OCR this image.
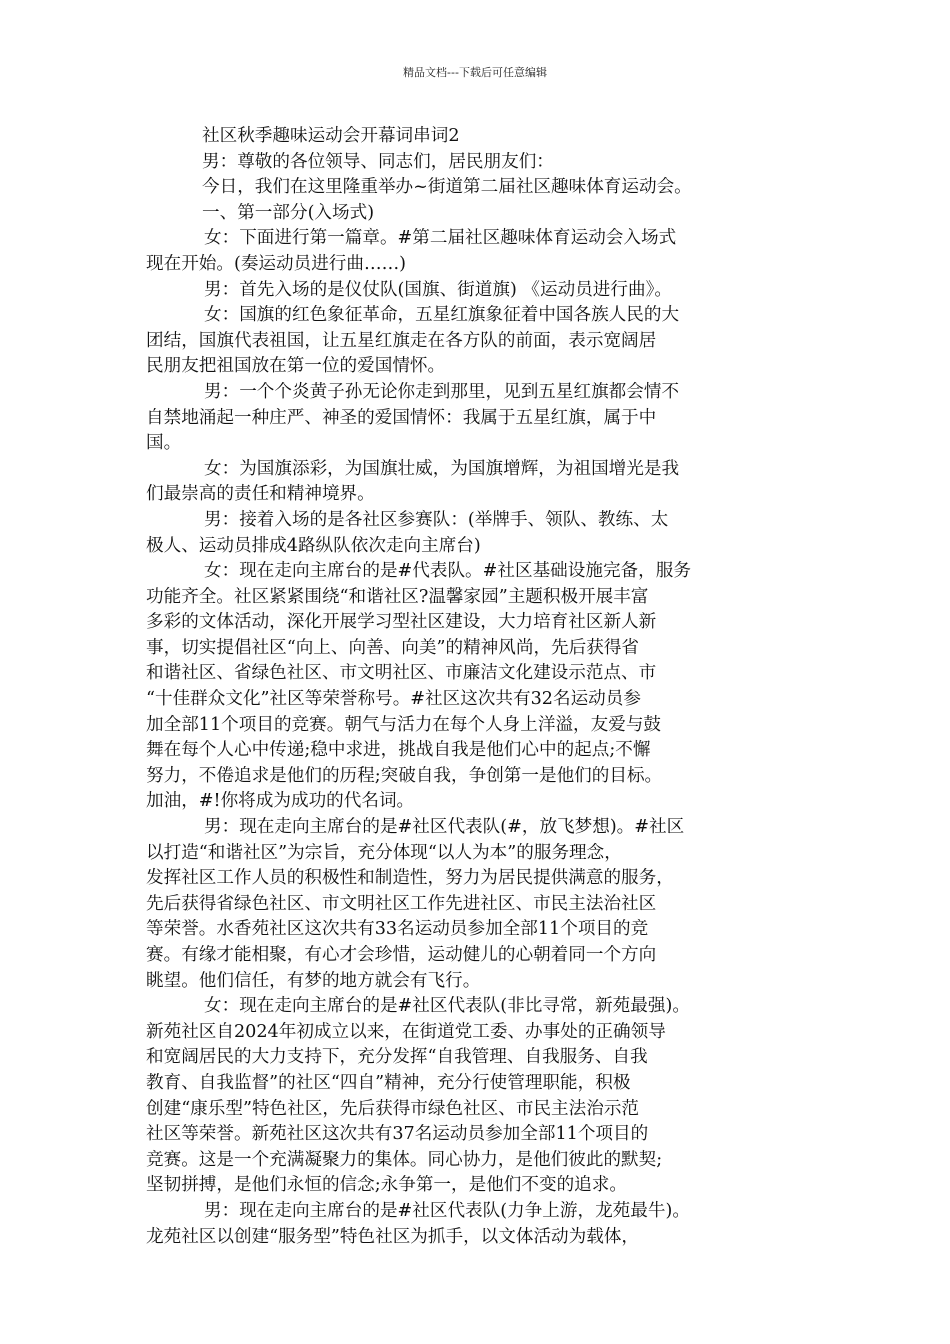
精品文档---下载后可任意编辑
社区秋季趣味运动会开幕词串词2
男：尊敬的各位领导、同志们，居民朋友们：
今日，我们在这里隆重举办~街道第二届社区趣味体育运动会。
一、第一部分(入场式)
女：下面进行第一篇章。#第二届社区趣味体育运动会入场式
现在开始。(奏运动员进行曲……)
男：首先入场的是仪仗队(国旗、街道旗) 《运动员进行曲》。
女：国旗的红色象征革命，五星红旗象征着中国各族人民的大
团结，国旗代表祖国，让五星红旗走在各方队的前面，表示宽阔居
民朋友把祖国放在第一位的爱国情怀。
男：一个个炎黄子孙无论你走到那里，见到五星红旗都会情不
自禁地涌起一种庄严、神圣的爱国情怀：我属于五星红旗，属于中
国。
女：为国旗添彩，为国旗壮威，为国旗增辉，为祖国增光是我
们最崇高的责任和精神境界。
男：接着入场的是各社区参赛队：(举牌手、领队、教练、太
极人、运动员排成4路纵队依次走向主席台)
女：现在走向主席台的是#代表队。#社区基础设施完备，服务
功能齐全。社区紧紧围绕“和谐社区?温馨家园”主题积极开展丰富
多彩的文体活动，深化开展学习型社区建设，大力培育社区新人新
事，切实提倡社区“向上、向善、向美”的精神风尚，先后获得省
和谐社区、省绿色社区、市文明社区、市廉洁文化建设示范点、市
“十佳群众文化”社区等荣誉称号。#社区这次共有32名运动员参
加全部11个项目的竞赛。朝气与活力在每个人身上洋溢，友爱与鼓
舞在每个人心中传递;稳中求进，挑战自我是他们心中的起点;不懈
努力，不倦追求是他们的历程;突破自我，争创第一是他们的目标。
加油，#!你将成为成功的代名词。
男：现在走向主席台的是#社区代表队(#，放飞梦想)。#社区
以打造“和谐社区”为宗旨，充分体现“以人为本”的服务理念，
发挥社区工作人员的积极性和制造性，努力为居民提供满意的服务，
先后获得省绿色社区、市文明社区工作先进社区、市民主法治社区
等荣誉。水香苑社区这次共有33名运动员参加全部11个项目的竞
赛。有缘才能相聚，有心才会珍惜，运动健儿的心朝着同一个方向
眺望。他们信任，有梦的地方就会有飞行。
女：现在走向主席台的是#社区代表队(非比寻常，新苑最强)。
新苑社区自2024年初成立以来，在街道党工委、办事处的正确领导
和宽阔居民的大力支持下，充分发挥“自我管理、自我服务、自我
教育、自我监督”的社区“四自”精神，充分行使管理职能，积极
创建“康乐型”特色社区，先后获得市绿色社区、市民主法治示范
社区等荣誉。新苑社区这次共有37名运动员参加全部11个项目的
竞赛。这是一个充满凝聚力的集体。同心协力，是他们彼此的默契;
坚韧拼搏，是他们永恒的信念;永争第一，是他们不变的追求。
男：现在走向主席台的是#社区代表队(力争上游，龙苑最牛)。
龙苑社区以创建“服务型”特色社区为抓手，以文体活动为载体，
